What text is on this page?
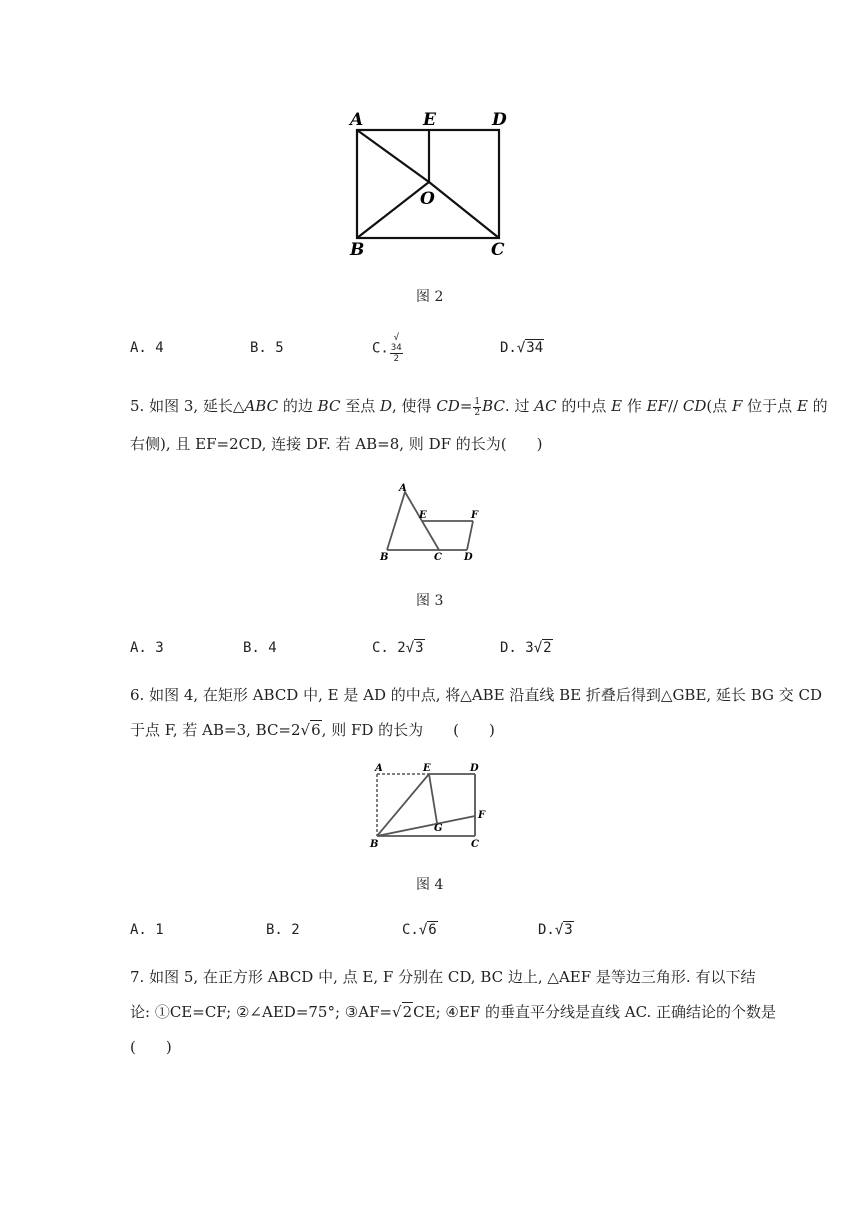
A	E	D
O
B	C
图 2
A. 4	B. 5	C. √
34
2	D.√34
5. 如图 3, 延长△ABC 的边 BC 至点 D, 使得 $CD= \frac{1}{2}$ BC. 过 AC 的中点 E 作 EF// CD(点 F 位于点 E 的
右侧), 且 EF=2CD, 连接 DF. 若 AB=8, 则 DF 的长为(　　)
A
E	F
B	C D
图 3
A. 3	B. 4	C. 2√3	D. 3√2
6. 如图 4, 在矩形 ABCD 中, E 是 AD 的中点, 将△ABE 沿直线 BE 折叠后得到△GBE, 延长 BG 交 CD
于点 F, 若 AB=3, BC=2√6, 则 FD 的长为　　(　　)
A	E	D
F
G
B	C
图 4
A. 1	B. 2	C.√6	D.√3
7. 如图 5, 在正方形 ABCD 中, 点 E, F 分别在 CD, BC 边上, △AEF 是等边三角形. 有以下结
论: ①CE=CF; ②∠AED=75°; ③AF=√2CE; ④EF 的垂直平分线是直线 AC. 正确结论的个数是
(　　)
